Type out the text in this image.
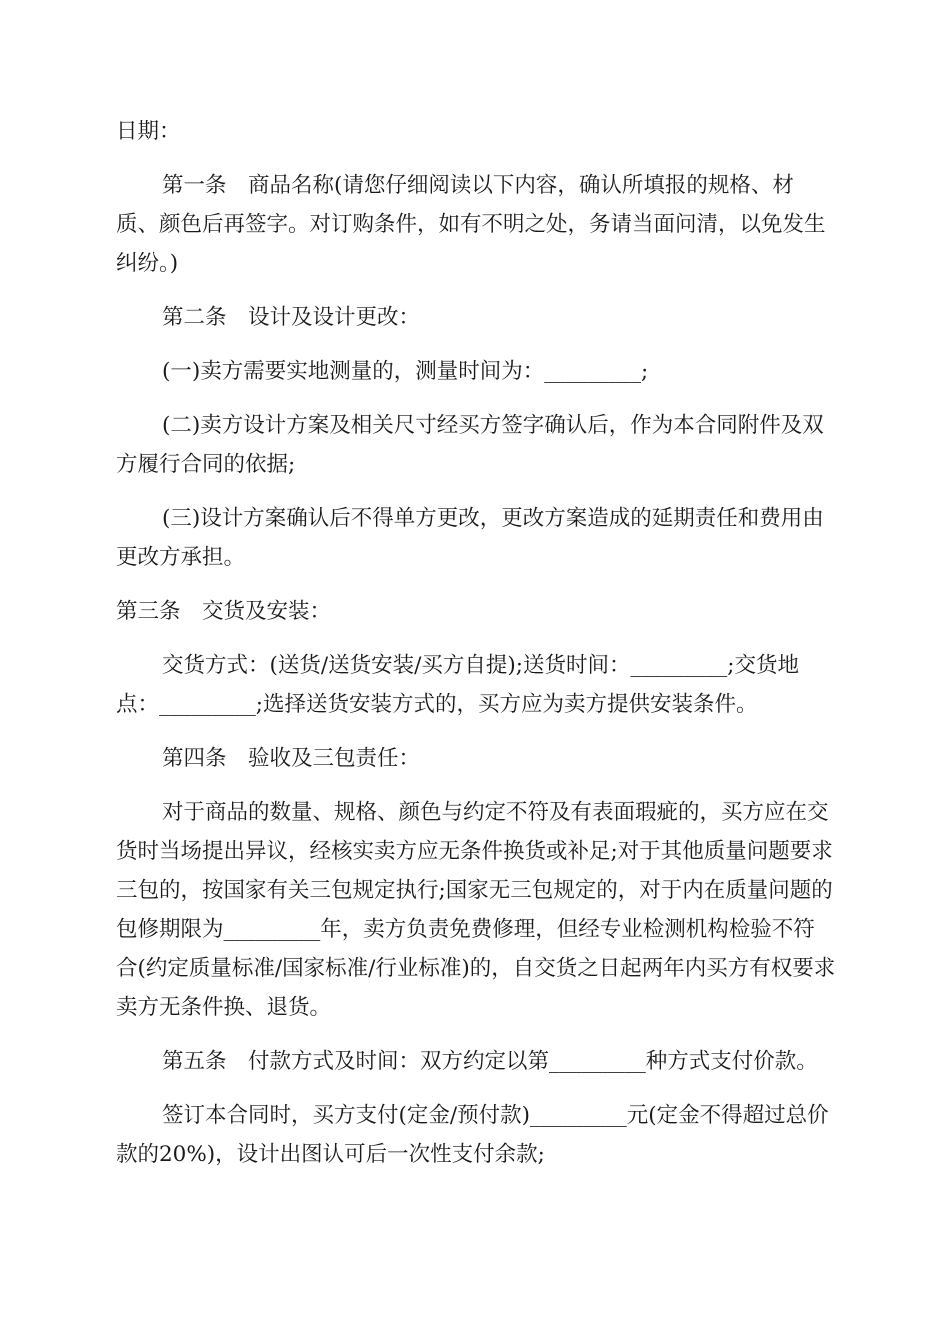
日期：

第一条　商品名称(请您仔细阅读以下内容，确认所填报的规格、材质、颜色后再签字。对订购条件，如有不明之处，务请当面问清，以免发生纠纷。)

第二条　设计及设计更改：

(一)卖方需要实地测量的，测量时间为：_________;

(二)卖方设计方案及相关尺寸经买方签字确认后，作为本合同附件及双方履行合同的依据;

(三)设计方案确认后不得单方更改，更改方案造成的延期责任和费用由更改方承担。

第三条　交货及安装：

交货方式：(送货/送货安装/买方自提);送货时间：_________;交货地点：_________;选择送货安装方式的，买方应为卖方提供安装条件。

第四条　验收及三包责任：

对于商品的数量、规格、颜色与约定不符及有表面瑕疵的，买方应在交货时当场提出异议，经核实卖方应无条件换货或补足;对于其他质量问题要求三包的，按国家有关三包规定执行;国家无三包规定的，对于内在质量问题的包修期限为_________年，卖方负责免费修理，但经专业检测机构检验不符合(约定质量标准/国家标准/行业标准)的，自交货之日起两年内买方有权要求卖方无条件换、退货。

第五条　付款方式及时间：双方约定以第_________种方式支付价款。

签订本合同时，买方支付(定金/预付款)_________元(定金不得超过总价款的20%)，设计出图认可后一次性支付余款;
